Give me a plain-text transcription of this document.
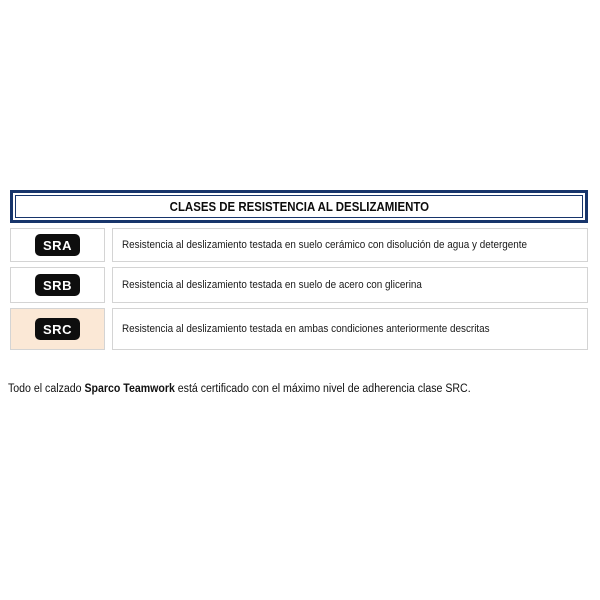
CLASES DE RESISTENCIA AL DESLIZAMIENTO
SRA	Resistencia al deslizamiento testada en suelo cerámico con disolución de agua y detergente
SRB	Resistencia al deslizamiento testada en suelo de acero con glicerina
SRC	Resistencia al deslizamiento testada en ambas condiciones anteriormente descritas

Todo el calzado Sparco Teamwork está certificado con el máximo nivel de adherencia clase SRC.
